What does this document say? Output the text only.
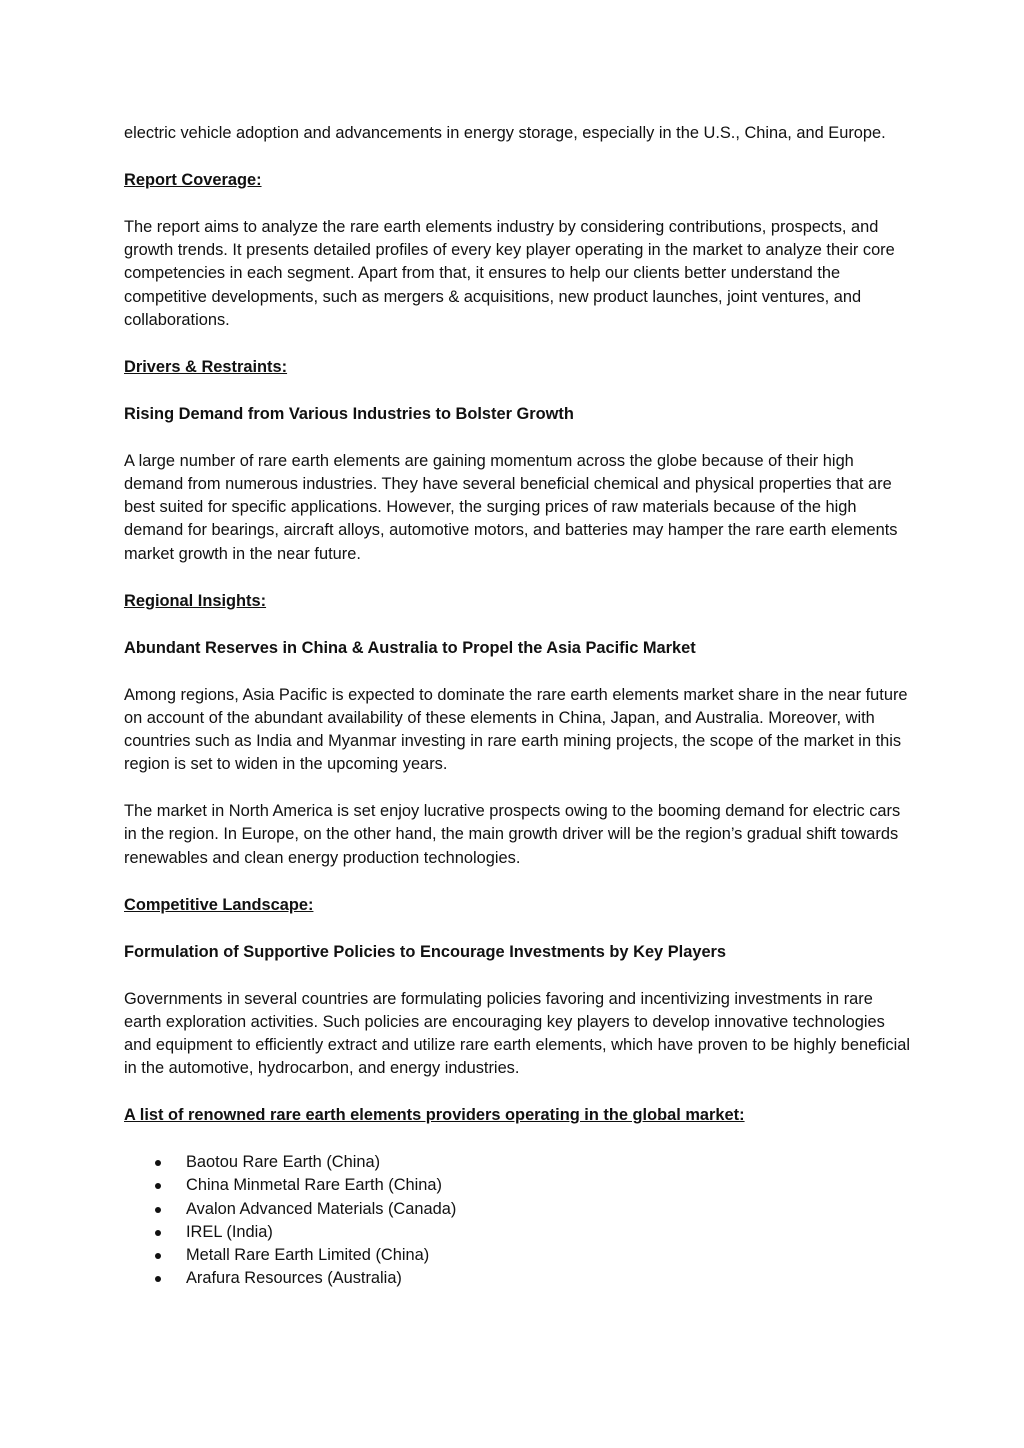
electric vehicle adoption and advancements in energy storage, especially in the U.S., China, and Europe.

Report Coverage:

The report aims to analyze the rare earth elements industry by considering contributions, prospects, and growth trends. It presents detailed profiles of every key player operating in the market to analyze their core competencies in each segment. Apart from that, it ensures to help our clients better understand the competitive developments, such as mergers & acquisitions, new product launches, joint ventures, and collaborations.

Drivers & Restraints:

Rising Demand from Various Industries to Bolster Growth

A large number of rare earth elements are gaining momentum across the globe because of their high demand from numerous industries. They have several beneficial chemical and physical properties that are best suited for specific applications. However, the surging prices of raw materials because of the high demand for bearings, aircraft alloys, automotive motors, and batteries may hamper the rare earth elements market growth in the near future.

Regional Insights:

Abundant Reserves in China & Australia to Propel the Asia Pacific Market

Among regions, Asia Pacific is expected to dominate the rare earth elements market share in the near future on account of the abundant availability of these elements in China, Japan, and Australia. Moreover, with countries such as India and Myanmar investing in rare earth mining projects, the scope of the market in this region is set to widen in the upcoming years.

The market in North America is set enjoy lucrative prospects owing to the booming demand for electric cars in the region. In Europe, on the other hand, the main growth driver will be the region’s gradual shift towards renewables and clean energy production technologies.

Competitive Landscape:

Formulation of Supportive Policies to Encourage Investments by Key Players

Governments in several countries are formulating policies favoring and incentivizing investments in rare earth exploration activities. Such policies are encouraging key players to develop innovative technologies and equipment to efficiently extract and utilize rare earth elements, which have proven to be highly beneficial in the automotive, hydrocarbon, and energy industries.

A list of renowned rare earth elements providers operating in the global market:

Baotou Rare Earth (China)
China Minmetal Rare Earth (China)
Avalon Advanced Materials (Canada)
IREL (India)
Metall Rare Earth Limited (China)
Arafura Resources (Australia)
